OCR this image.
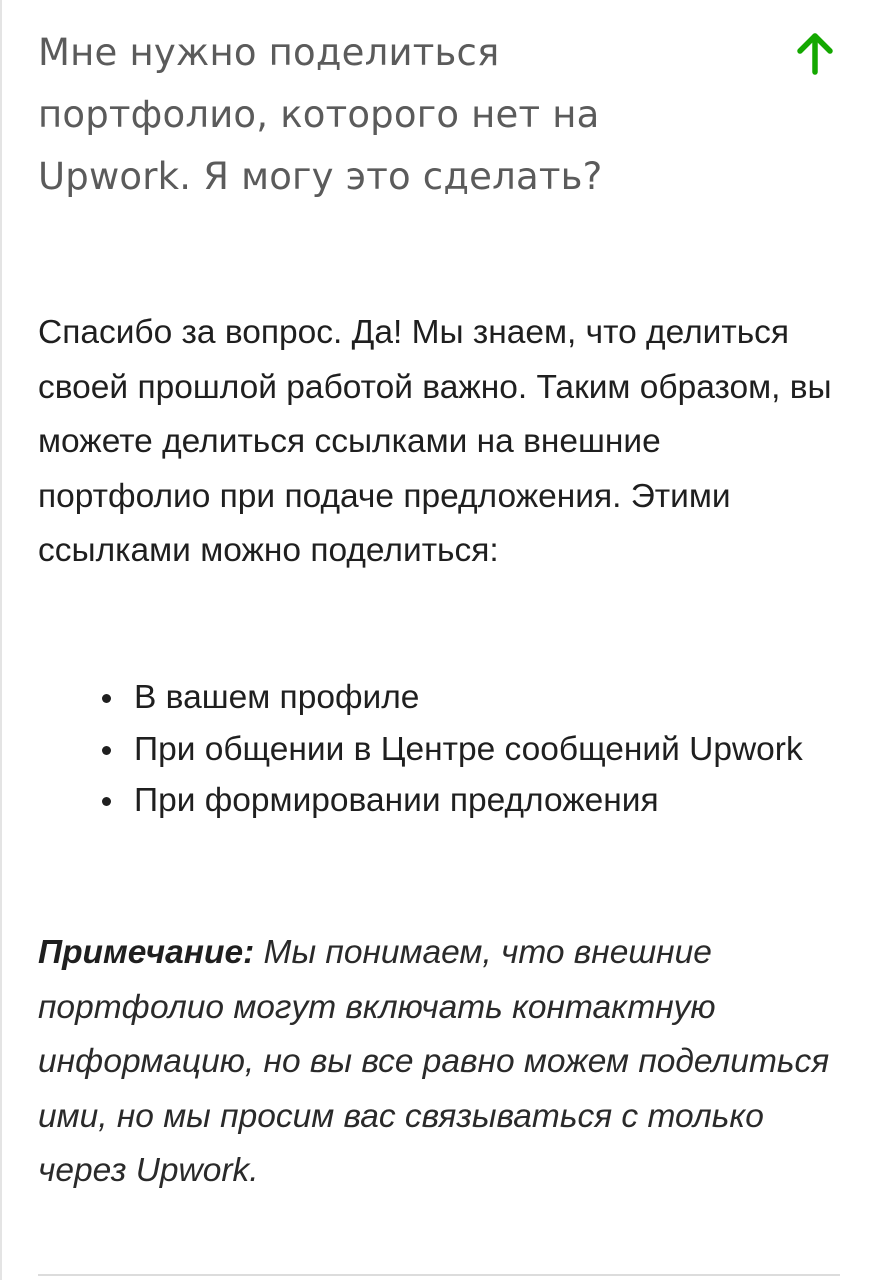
Мне нужно поделиться портфолио, которого нет на Upwork. Я могу это сделать?

Спасибо за вопрос. Да! Мы знаем, что делиться своей прошлой работой важно. Таким образом, вы можете делиться ссылками на внешние портфолио при подаче предложения. Этими ссылками можно поделиться:

В вашем профиле
При общении в Центре сообщений Upwork
При формировании предложения

Примечание: Мы понимаем, что внешние портфолио могут включать контактную информацию, но вы все равно можем поделиться ими, но мы просим вас связываться с только через Upwork.
